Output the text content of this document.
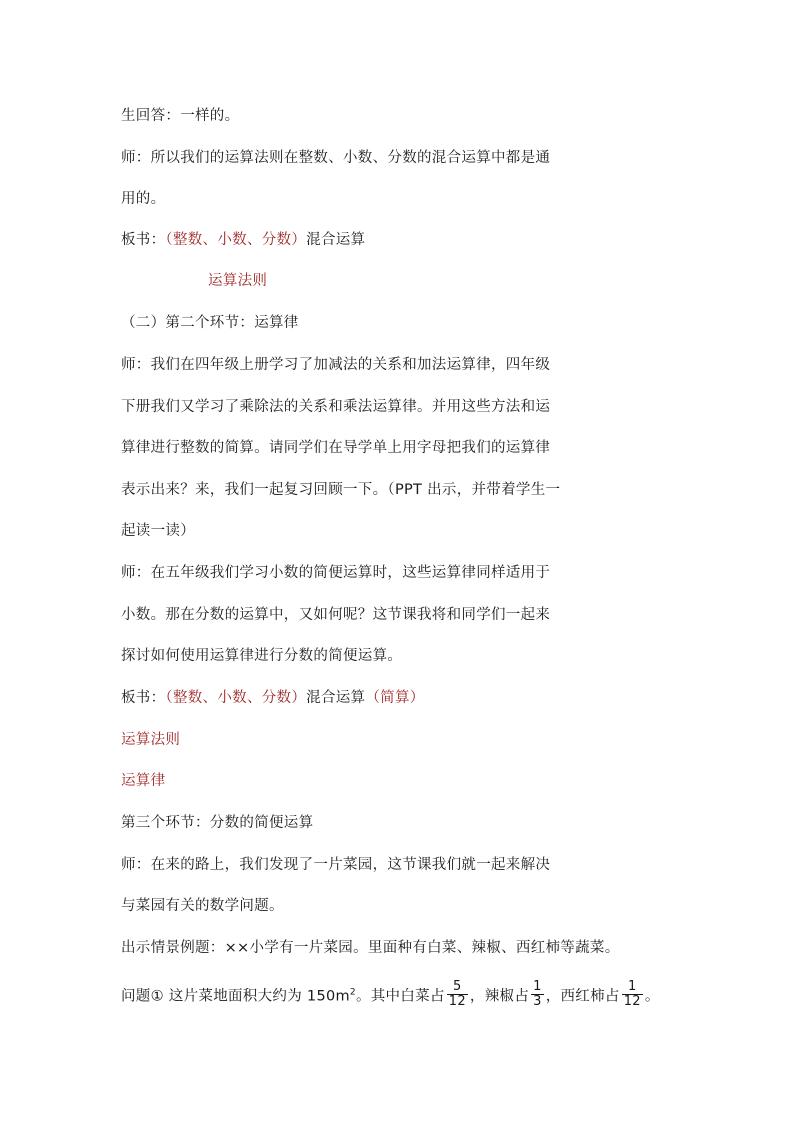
生回答：一样的。
师：所以我们的运算法则在整数、小数、分数的混合运算中都是通
用的。
板书：（整数、小数、分数）混合运算
运算法则
（二）第二个环节：运算律
师：我们在四年级上册学习了加减法的关系和加法运算律，四年级
下册我们又学习了乘除法的关系和乘法运算律。并用这些方法和运
算律进行整数的简算。请同学们在导学单上用字母把我们的运算律
表示出来？来，我们一起复习回顾一下。（PPT 出示，并带着学生一
起读一读）
师：在五年级我们学习小数的简便运算时，这些运算律同样适用于
小数。那在分数的运算中，又如何呢？这节课我将和同学们一起来
探讨如何使用运算律进行分数的简便运算。
板书：（整数、小数、分数）混合运算（简算）
运算法则
运算律
第三个环节：分数的简便运算
师：在来的路上，我们发现了一片菜园，这节课我们就一起来解决
与菜园有关的数学问题。
出示情景例题：××小学有一片菜园。里面种有白菜、辣椒、西红柿等蔬菜。
问题① 这片菜地面积大约为 $150m^2$。其中白菜占 $\frac{5}{12}$ ，辣椒占 $\frac{1}{3}$ ，西红柿占 $\frac{1}{12}$ 。
